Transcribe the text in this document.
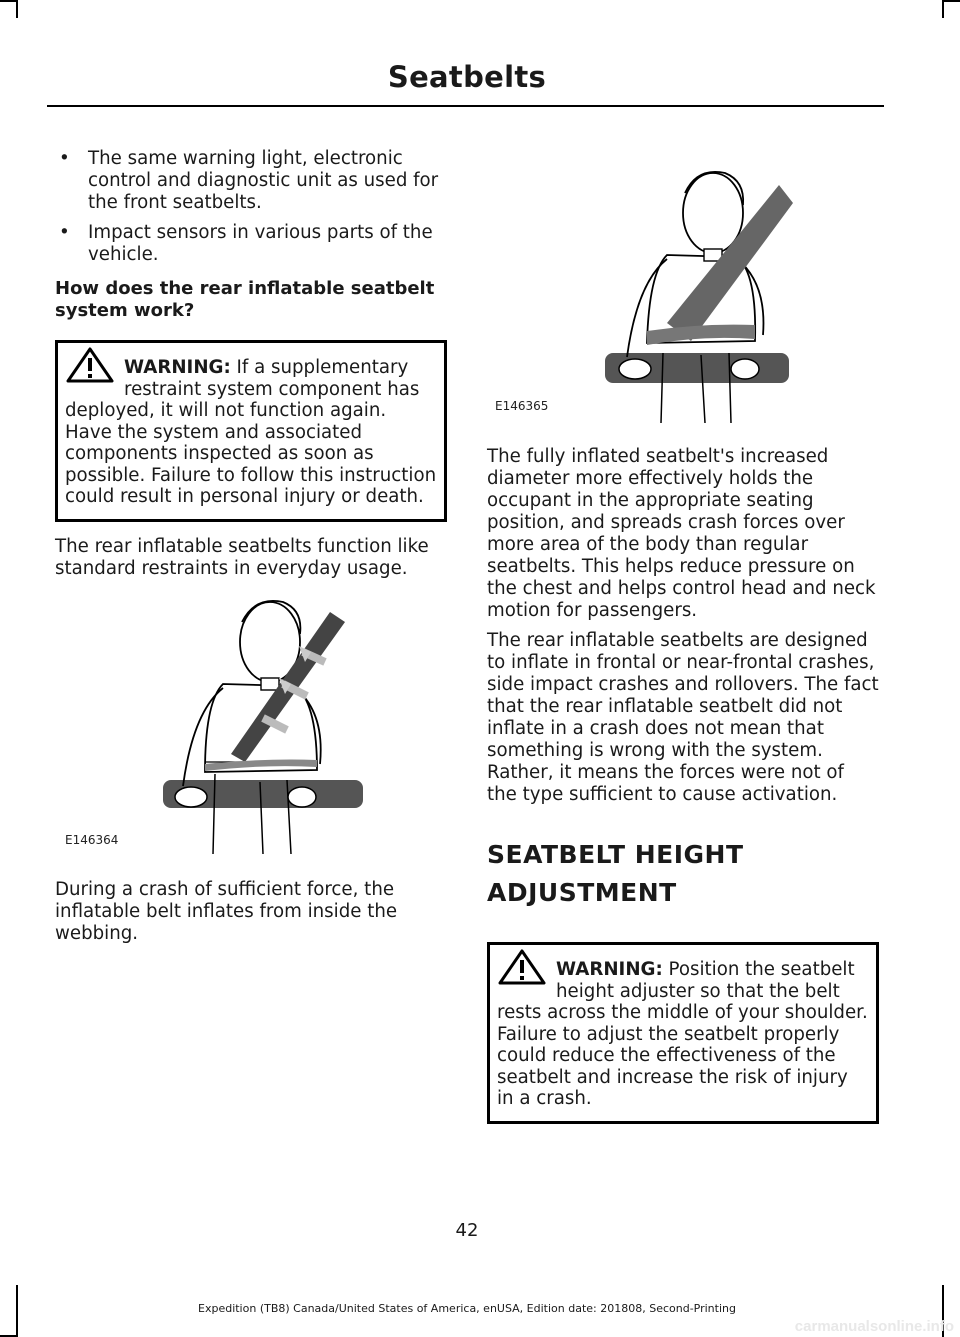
Seatbelts
• The same warning light, electronic control and diagnostic unit as used for the front seatbelts.
• Impact sensors in various parts of the vehicle.
How does the rear inflatable seatbelt system work?
WARNING: If a supplementary restraint system component has deployed, it will not function again. Have the system and associated components inspected as soon as possible. Failure to follow this instruction could result in personal injury or death.

The rear inflatable seatbelts function like standard restraints in everyday usage.

E146364

During a crash of sufficient force, the inflatable belt inflates from inside the webbing.

E146365

The fully inflated seatbelt's increased diameter more effectively holds the occupant in the appropriate seating position, and spreads crash forces over more area of the body than regular seatbelts. This helps reduce pressure on the chest and helps control head and neck motion for passengers.

The rear inflatable seatbelts are designed to inflate in frontal or near-frontal crashes, side impact crashes and rollovers. The fact that the rear inflatable seatbelt did not inflate in a crash does not mean that something is wrong with the system. Rather, it means the forces were not of the type sufficient to cause activation.

SEATBELT HEIGHT
ADJUSTMENT
WARNING: Position the seatbelt height adjuster so that the belt rests across the middle of your shoulder. Failure to adjust the seatbelt properly could reduce the effectiveness of the seatbelt and increase the risk of injury in a crash.
42
Expedition (TB8) Canada/United States of America, enUSA, Edition date: 201808, Second-Printing
carmanualsonline.info
